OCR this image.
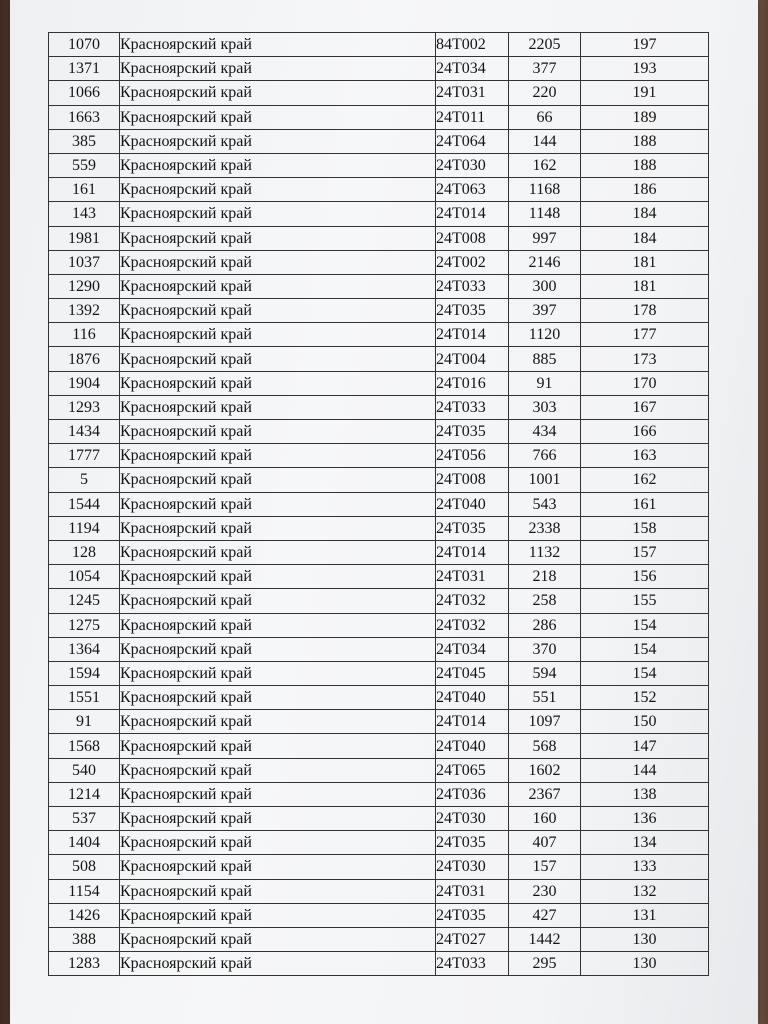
1070	Красноярский край	84Т002	2205	197
1371	Красноярский край	24Т034	377	193
1066	Красноярский край	24Т031	220	191
1663	Красноярский край	24Т011	66	189
385	Красноярский край	24Т064	144	188
559	Красноярский край	24Т030	162	188
161	Красноярский край	24Т063	1168	186
143	Красноярский край	24Т014	1148	184
1981	Красноярский край	24Т008	997	184
1037	Красноярский край	24Т002	2146	181
1290	Красноярский край	24Т033	300	181
1392	Красноярский край	24Т035	397	178
116	Красноярский край	24Т014	1120	177
1876	Красноярский край	24Т004	885	173
1904	Красноярский край	24Т016	91	170
1293	Красноярский край	24Т033	303	167
1434	Красноярский край	24Т035	434	166
1777	Красноярский край	24Т056	766	163
5	Красноярский край	24Т008	1001	162
1544	Красноярский край	24Т040	543	161
1194	Красноярский край	24Т035	2338	158
128	Красноярский край	24Т014	1132	157
1054	Красноярский край	24Т031	218	156
1245	Красноярский край	24Т032	258	155
1275	Красноярский край	24Т032	286	154
1364	Красноярский край	24Т034	370	154
1594	Красноярский край	24Т045	594	154
1551	Красноярский край	24Т040	551	152
91	Красноярский край	24Т014	1097	150
1568	Красноярский край	24Т040	568	147
540	Красноярский край	24Т065	1602	144
1214	Красноярский край	24Т036	2367	138
537	Красноярский край	24Т030	160	136
1404	Красноярский край	24Т035	407	134
508	Красноярский край	24Т030	157	133
1154	Красноярский край	24Т031	230	132
1426	Красноярский край	24Т035	427	131
388	Красноярский край	24Т027	1442	130
1283	Красноярский край	24Т033	295	130
